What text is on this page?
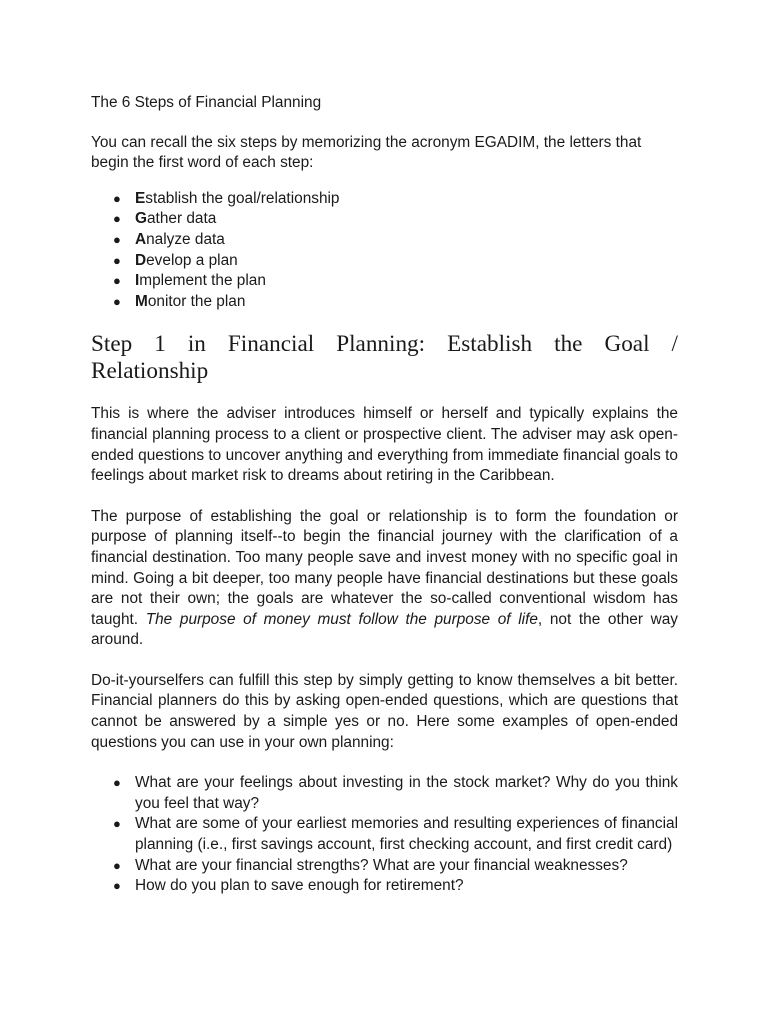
The 6 Steps of Financial Planning

You can recall the six steps by memorizing the acronym EGADIM, the letters that begin the first word of each step:

● Establish the goal/relationship
● Gather data
● Analyze data
● Develop a plan
● Implement the plan
● Monitor the plan
Step 1 in Financial Planning: Establish the Goal / Relationship

This is where the adviser introduces himself or herself and typically explains the financial planning process to a client or prospective client. The adviser may ask open-ended questions to uncover anything and everything from immediate financial goals to feelings about market risk to dreams about retiring in the Caribbean.

The purpose of establishing the goal or relationship is to form the foundation or purpose of planning itself--to begin the financial journey with the clarification of a financial destination. Too many people save and invest money with no specific goal in mind. Going a bit deeper, too many people have financial destinations but these goals are not their own; the goals are whatever the so-called conventional wisdom has taught. The purpose of money must follow the purpose of life, not the other way around.

Do-it-yourselfers can fulfill this step by simply getting to know themselves a bit better. Financial planners do this by asking open-ended questions, which are questions that cannot be answered by a simple yes or no. Here some examples of open-ended questions you can use in your own planning:

● What are your feelings about investing in the stock market? Why do you think you feel that way?
● What are some of your earliest memories and resulting experiences of financial planning (i.e., first savings account, first checking account, and first credit card)
● What are your financial strengths? What are your financial weaknesses?
● How do you plan to save enough for retirement?
